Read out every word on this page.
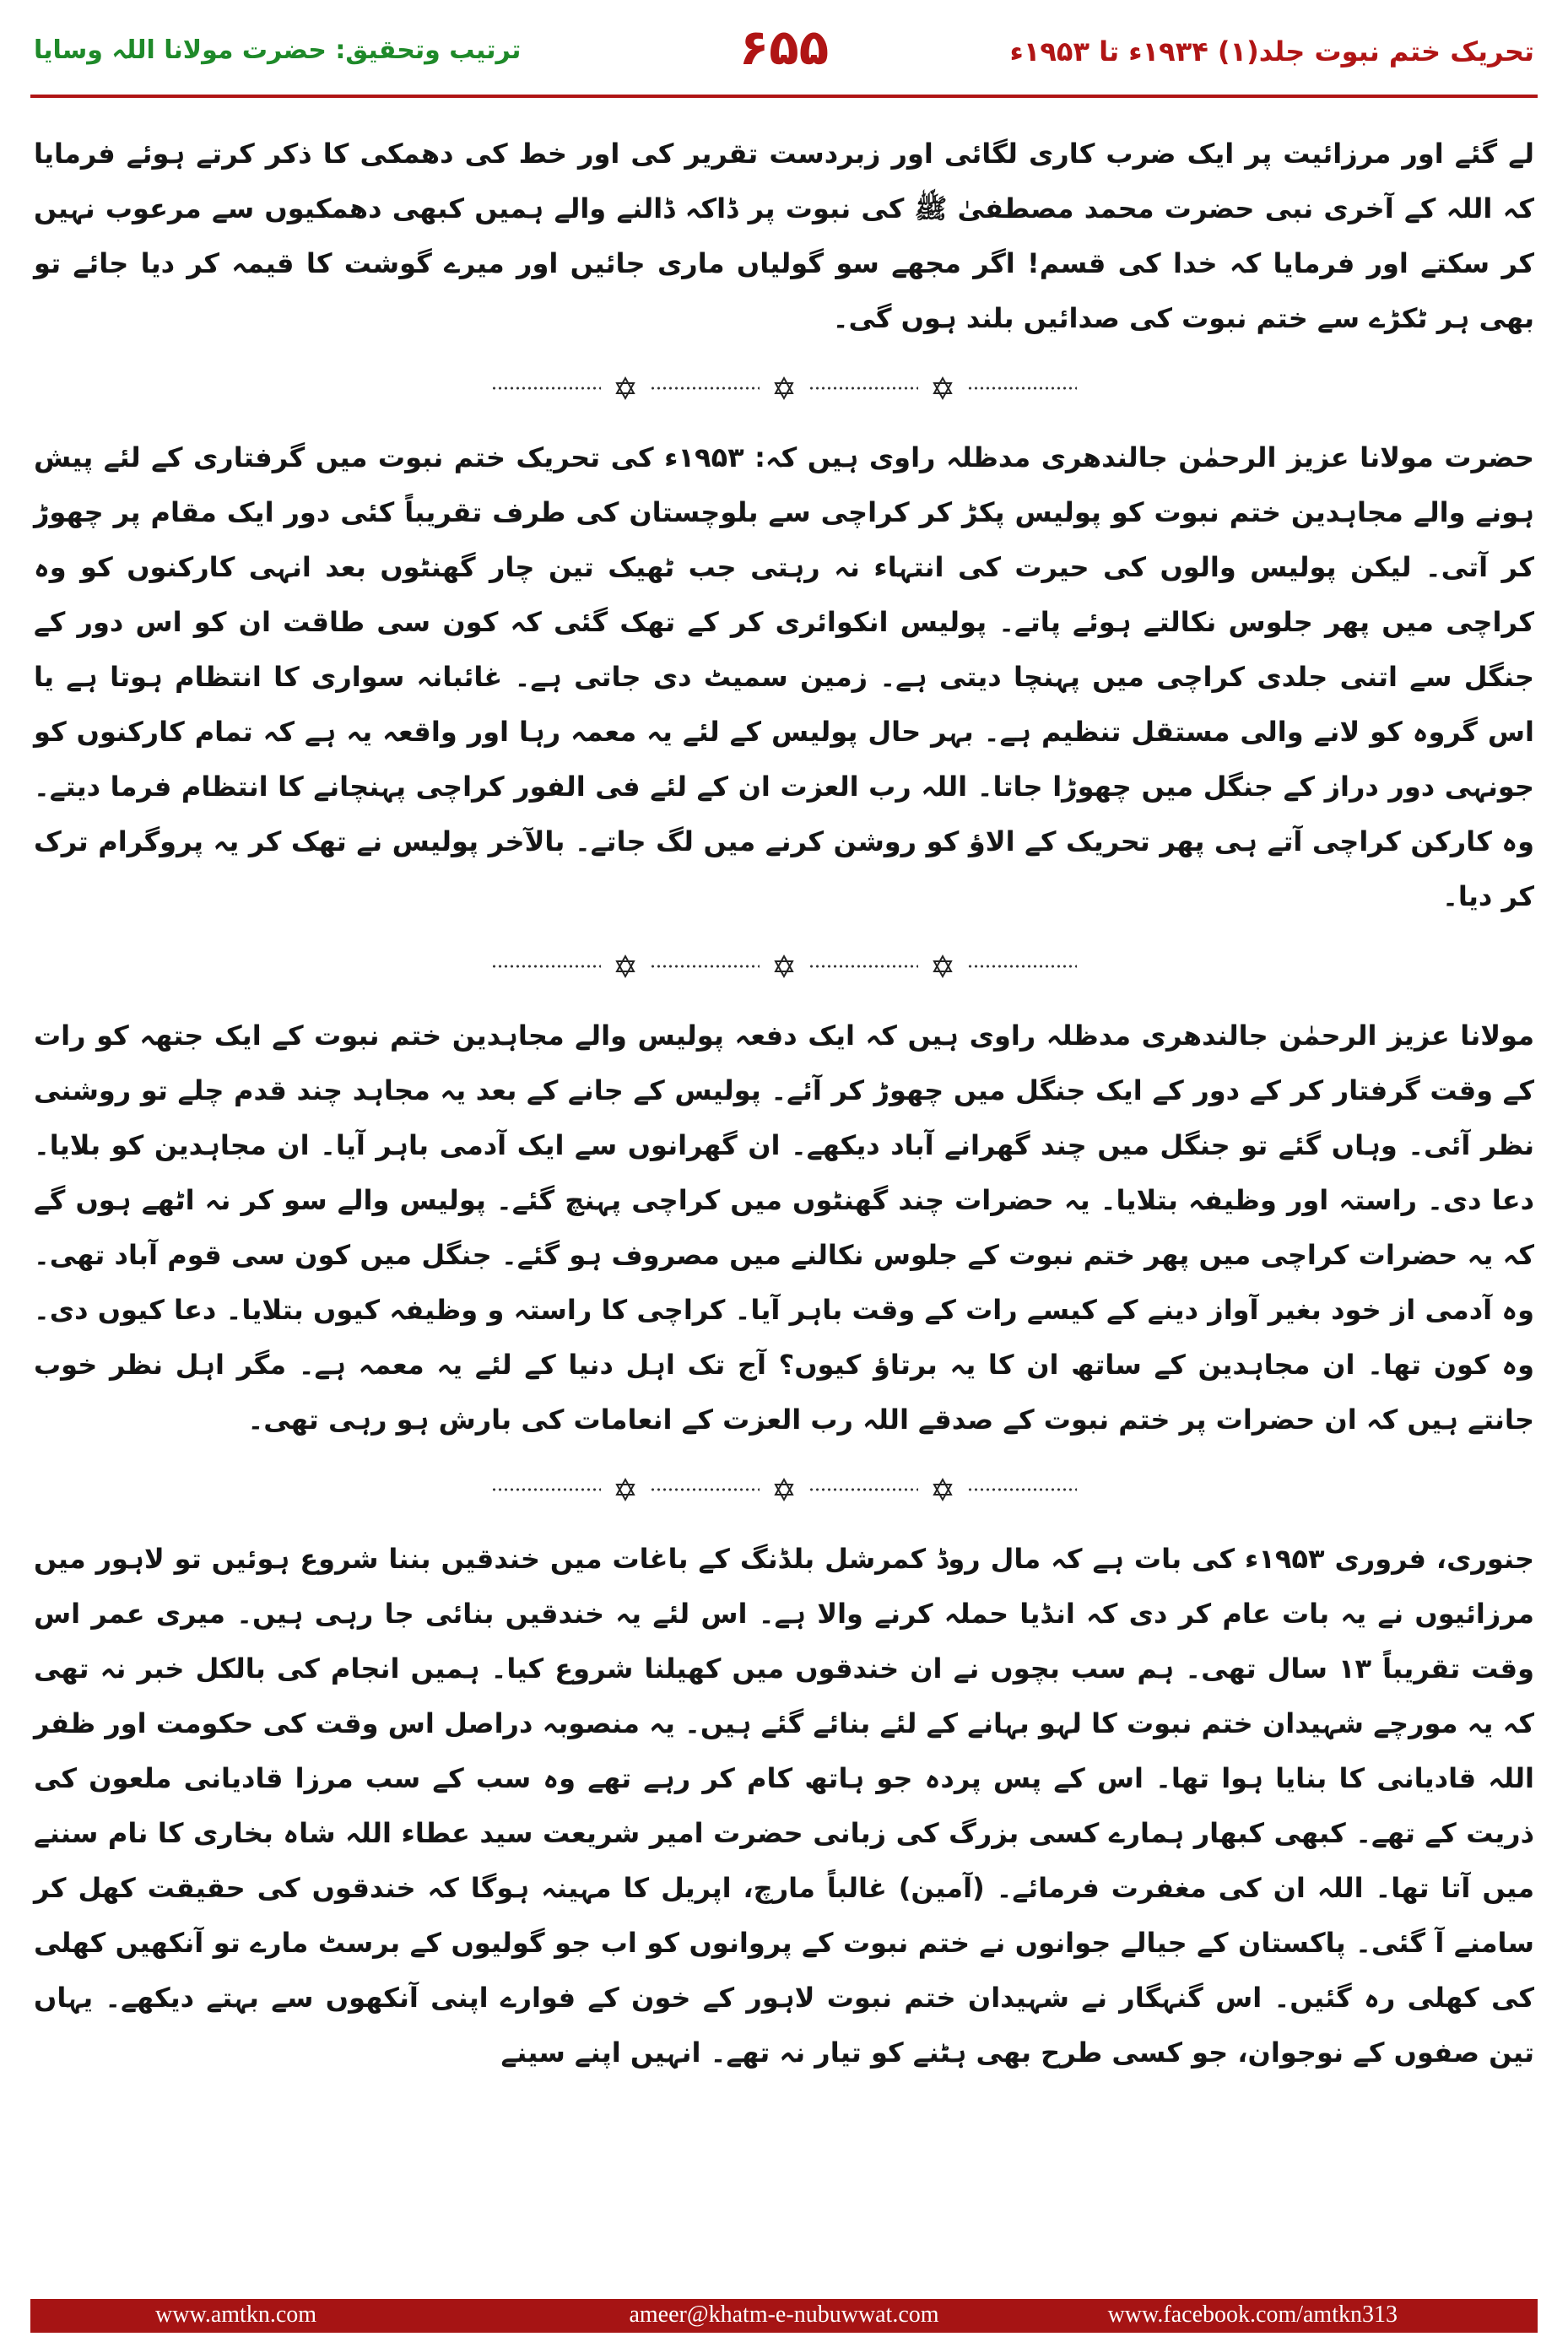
ترتیب وتحقیق: حضرت مولانا اللہ وسایا	۶۵۵	تحریک ختم نبوت جلد(۱) ۱۹۳۴ء تا ۱۹۵۳ء

لے گئے اور مرزائیت پر ایک ضرب کاری لگائی اور زبردست تقریر کی اور خط کی دھمکی کا ذکر کرتے ہوئے فرمایا کہ اللہ کے آخری نبی حضرت محمد مصطفیٰ ﷺ کی نبوت پر ڈاکہ ڈالنے والے ہمیں کبھی دھمکیوں سے مرعوب نہیں کر سکتے اور فرمایا کہ خدا کی قسم! اگر مجھے سو گولیاں ماری جائیں اور میرے گوشت کا قیمہ کر دیا جائے تو بھی ہر ٹکڑے سے ختم نبوت کی صدائیں بلند ہوں گی۔

حضرت مولانا عزیز الرحمٰن جالندھری مدظلہ راوی ہیں کہ: ۱۹۵۳ء کی تحریک ختم نبوت میں گرفتاری کے لئے پیش ہونے والے مجاہدین ختم نبوت کو پولیس پکڑ کر کراچی سے بلوچستان کی طرف تقریباً کئی دور ایک مقام پر چھوڑ کر آتی۔ لیکن پولیس والوں کی حیرت کی انتہاء نہ رہتی جب ٹھیک تین چار گھنٹوں بعد انہی کارکنوں کو وہ کراچی میں پھر جلوس نکالتے ہوئے پاتے۔ پولیس انکوائری کر کے تھک گئی کہ کون سی طاقت ان کو اس دور کے جنگل سے اتنی جلدی کراچی میں پہنچا دیتی ہے۔ زمین سمیٹ دی جاتی ہے۔ غائبانہ سواری کا انتظام ہوتا ہے یا اس گروہ کو لانے والی مستقل تنظیم ہے۔ بہر حال پولیس کے لئے یہ معمہ رہا اور واقعہ یہ ہے کہ تمام کارکنوں کو جونہی دور دراز کے جنگل میں چھوڑا جاتا۔ اللہ رب العزت ان کے لئے فی الفور کراچی پہنچانے کا انتظام فرما دیتے۔ وہ کارکن کراچی آتے ہی پھر تحریک کے الاؤ کو روشن کرنے میں لگ جاتے۔ بالآخر پولیس نے تھک کر یہ پروگرام ترک کر دیا۔

مولانا عزیز الرحمٰن جالندھری مدظلہ راوی ہیں کہ ایک دفعہ پولیس والے مجاہدین ختم نبوت کے ایک جتھہ کو رات کے وقت گرفتار کر کے دور کے ایک جنگل میں چھوڑ کر آئے۔ پولیس کے جانے کے بعد یہ مجاہد چند قدم چلے تو روشنی نظر آئی۔ وہاں گئے تو جنگل میں چند گھرانے آباد دیکھے۔ ان گھرانوں سے ایک آدمی باہر آیا۔ ان مجاہدین کو بلایا۔ دعا دی۔ راستہ اور وظیفہ بتلایا۔ یہ حضرات چند گھنٹوں میں کراچی پہنچ گئے۔ پولیس والے سو کر نہ اٹھے ہوں گے کہ یہ حضرات کراچی میں پھر ختم نبوت کے جلوس نکالنے میں مصروف ہو گئے۔ جنگل میں کون سی قوم آباد تھی۔ وہ آدمی از خود بغیر آواز دینے کے کیسے رات کے وقت باہر آیا۔ کراچی کا راستہ و وظیفہ کیوں بتلایا۔ دعا کیوں دی۔ وہ کون تھا۔ ان مجاہدین کے ساتھ ان کا یہ برتاؤ کیوں؟ آج تک اہل دنیا کے لئے یہ معمہ ہے۔ مگر اہل نظر خوب جانتے ہیں کہ ان حضرات پر ختم نبوت کے صدقے اللہ رب العزت کے انعامات کی بارش ہو رہی تھی۔

جنوری، فروری ۱۹۵۳ء کی بات ہے کہ مال روڈ کمرشل بلڈنگ کے باغات میں خندقیں بننا شروع ہوئیں تو لاہور میں مرزائیوں نے یہ بات عام کر دی کہ انڈیا حملہ کرنے والا ہے۔ اس لئے یہ خندقیں بنائی جا رہی ہیں۔ میری عمر اس وقت تقریباً ۱۳ سال تھی۔ ہم سب بچوں نے ان خندقوں میں کھیلنا شروع کیا۔ ہمیں انجام کی بالکل خبر نہ تھی کہ یہ مورچے شہیدان ختم نبوت کا لہو بہانے کے لئے بنائے گئے ہیں۔ یہ منصوبہ دراصل اس وقت کی حکومت اور ظفر اللہ قادیانی کا بنایا ہوا تھا۔ اس کے پس پردہ جو ہاتھ کام کر رہے تھے وہ سب کے سب مرزا قادیانی ملعون کی ذریت کے تھے۔ کبھی کبھار ہمارے کسی بزرگ کی زبانی حضرت امیر شریعت سید عطاء اللہ شاہ بخاری کا نام سننے میں آتا تھا۔ اللہ ان کی مغفرت فرمائے۔ (آمین) غالباً مارچ، اپریل کا مہینہ ہوگا کہ خندقوں کی حقیقت کھل کر سامنے آ گئی۔ پاکستان کے جیالے جوانوں نے ختم نبوت کے پروانوں کو اب جو گولیوں کے برسٹ مارے تو آنکھیں کھلی کی کھلی رہ گئیں۔ اس گنہگار نے شہیدان ختم نبوت لاہور کے خون کے فوارے اپنی آنکھوں سے بہتے دیکھے۔ یہاں تین صفوں کے نوجوان، جو کسی طرح بھی ہٹنے کو تیار نہ تھے۔ انہیں اپنے سینے

www.amtkn.com	ameer@khatm-e-nubuwwat.com	www.facebook.com/amtkn313
